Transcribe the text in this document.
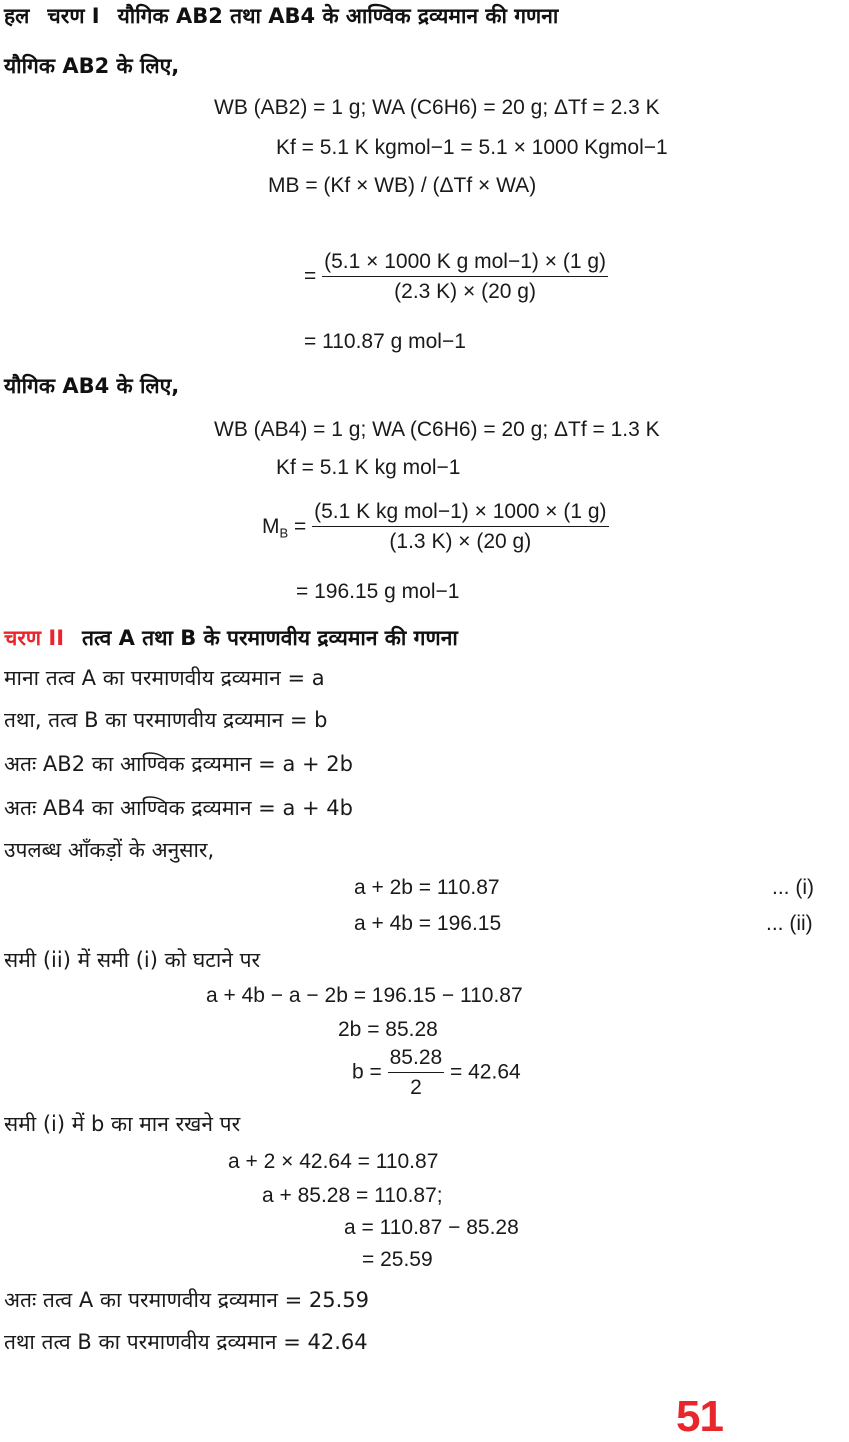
हल चरण I यौगिक AB2 तथा AB4 के आण्विक द्रव्यमान की गणना
यौगिक AB2 के लिए,
WB (AB2) = 1 g; WA (C6H6) = 20 g; ΔTf = 2.3 K
Kf = 5.1 K kgmol−1 = 5.1 × 1000 Kgmol−1
MB = (Kf × WB) / (ΔTf × WA)
= $\frac{\text{(5.1 × 1000 K g mol−1) × (1 g)}}{(2.3 K) \times (20 g)}$
= 110.87 g mol−1
यौगिक AB4 के लिए,
WB (AB4) = 1 g; WA (C6H6) = 20 g; ΔTf = 1.3 K
Kf = 5.1 K kg mol−1
$M_B = \frac{\text{(5.1 K kg mol−1) × 1000 × (1 g)}}{(1.3 K) \times (20 g)}$
= 196.15 g mol−1
चरण II तत्व A तथा B के परमाणवीय द्रव्यमान की गणना
माना तत्व A का परमाणवीय द्रव्यमान = a
तथा, तत्व B का परमाणवीय द्रव्यमान = b
अतः AB2 का आण्विक द्रव्यमान = a + 2b
अतः AB4 का आण्विक द्रव्यमान = a + 4b
उपलब्ध आँकड़ों के अनुसार,
a + 2b = 110.87	... (i)
a + 4b = 196.15	... (ii)
समी (ii) में समी (i) को घटाने पर
a + 4b − a − 2b = 196.15 − 110.87
2b = 85.28
$b = \frac{85.28}{2} = 42.64$
समी (i) में b का मान रखने पर
a + 2 × 42.64 = 110.87
a + 85.28 = 110.87;
a = 110.87 − 85.28
= 25.59
अतः तत्व A का परमाणवीय द्रव्यमान = 25.59
तथा तत्व B का परमाणवीय द्रव्यमान = 42.64
51
